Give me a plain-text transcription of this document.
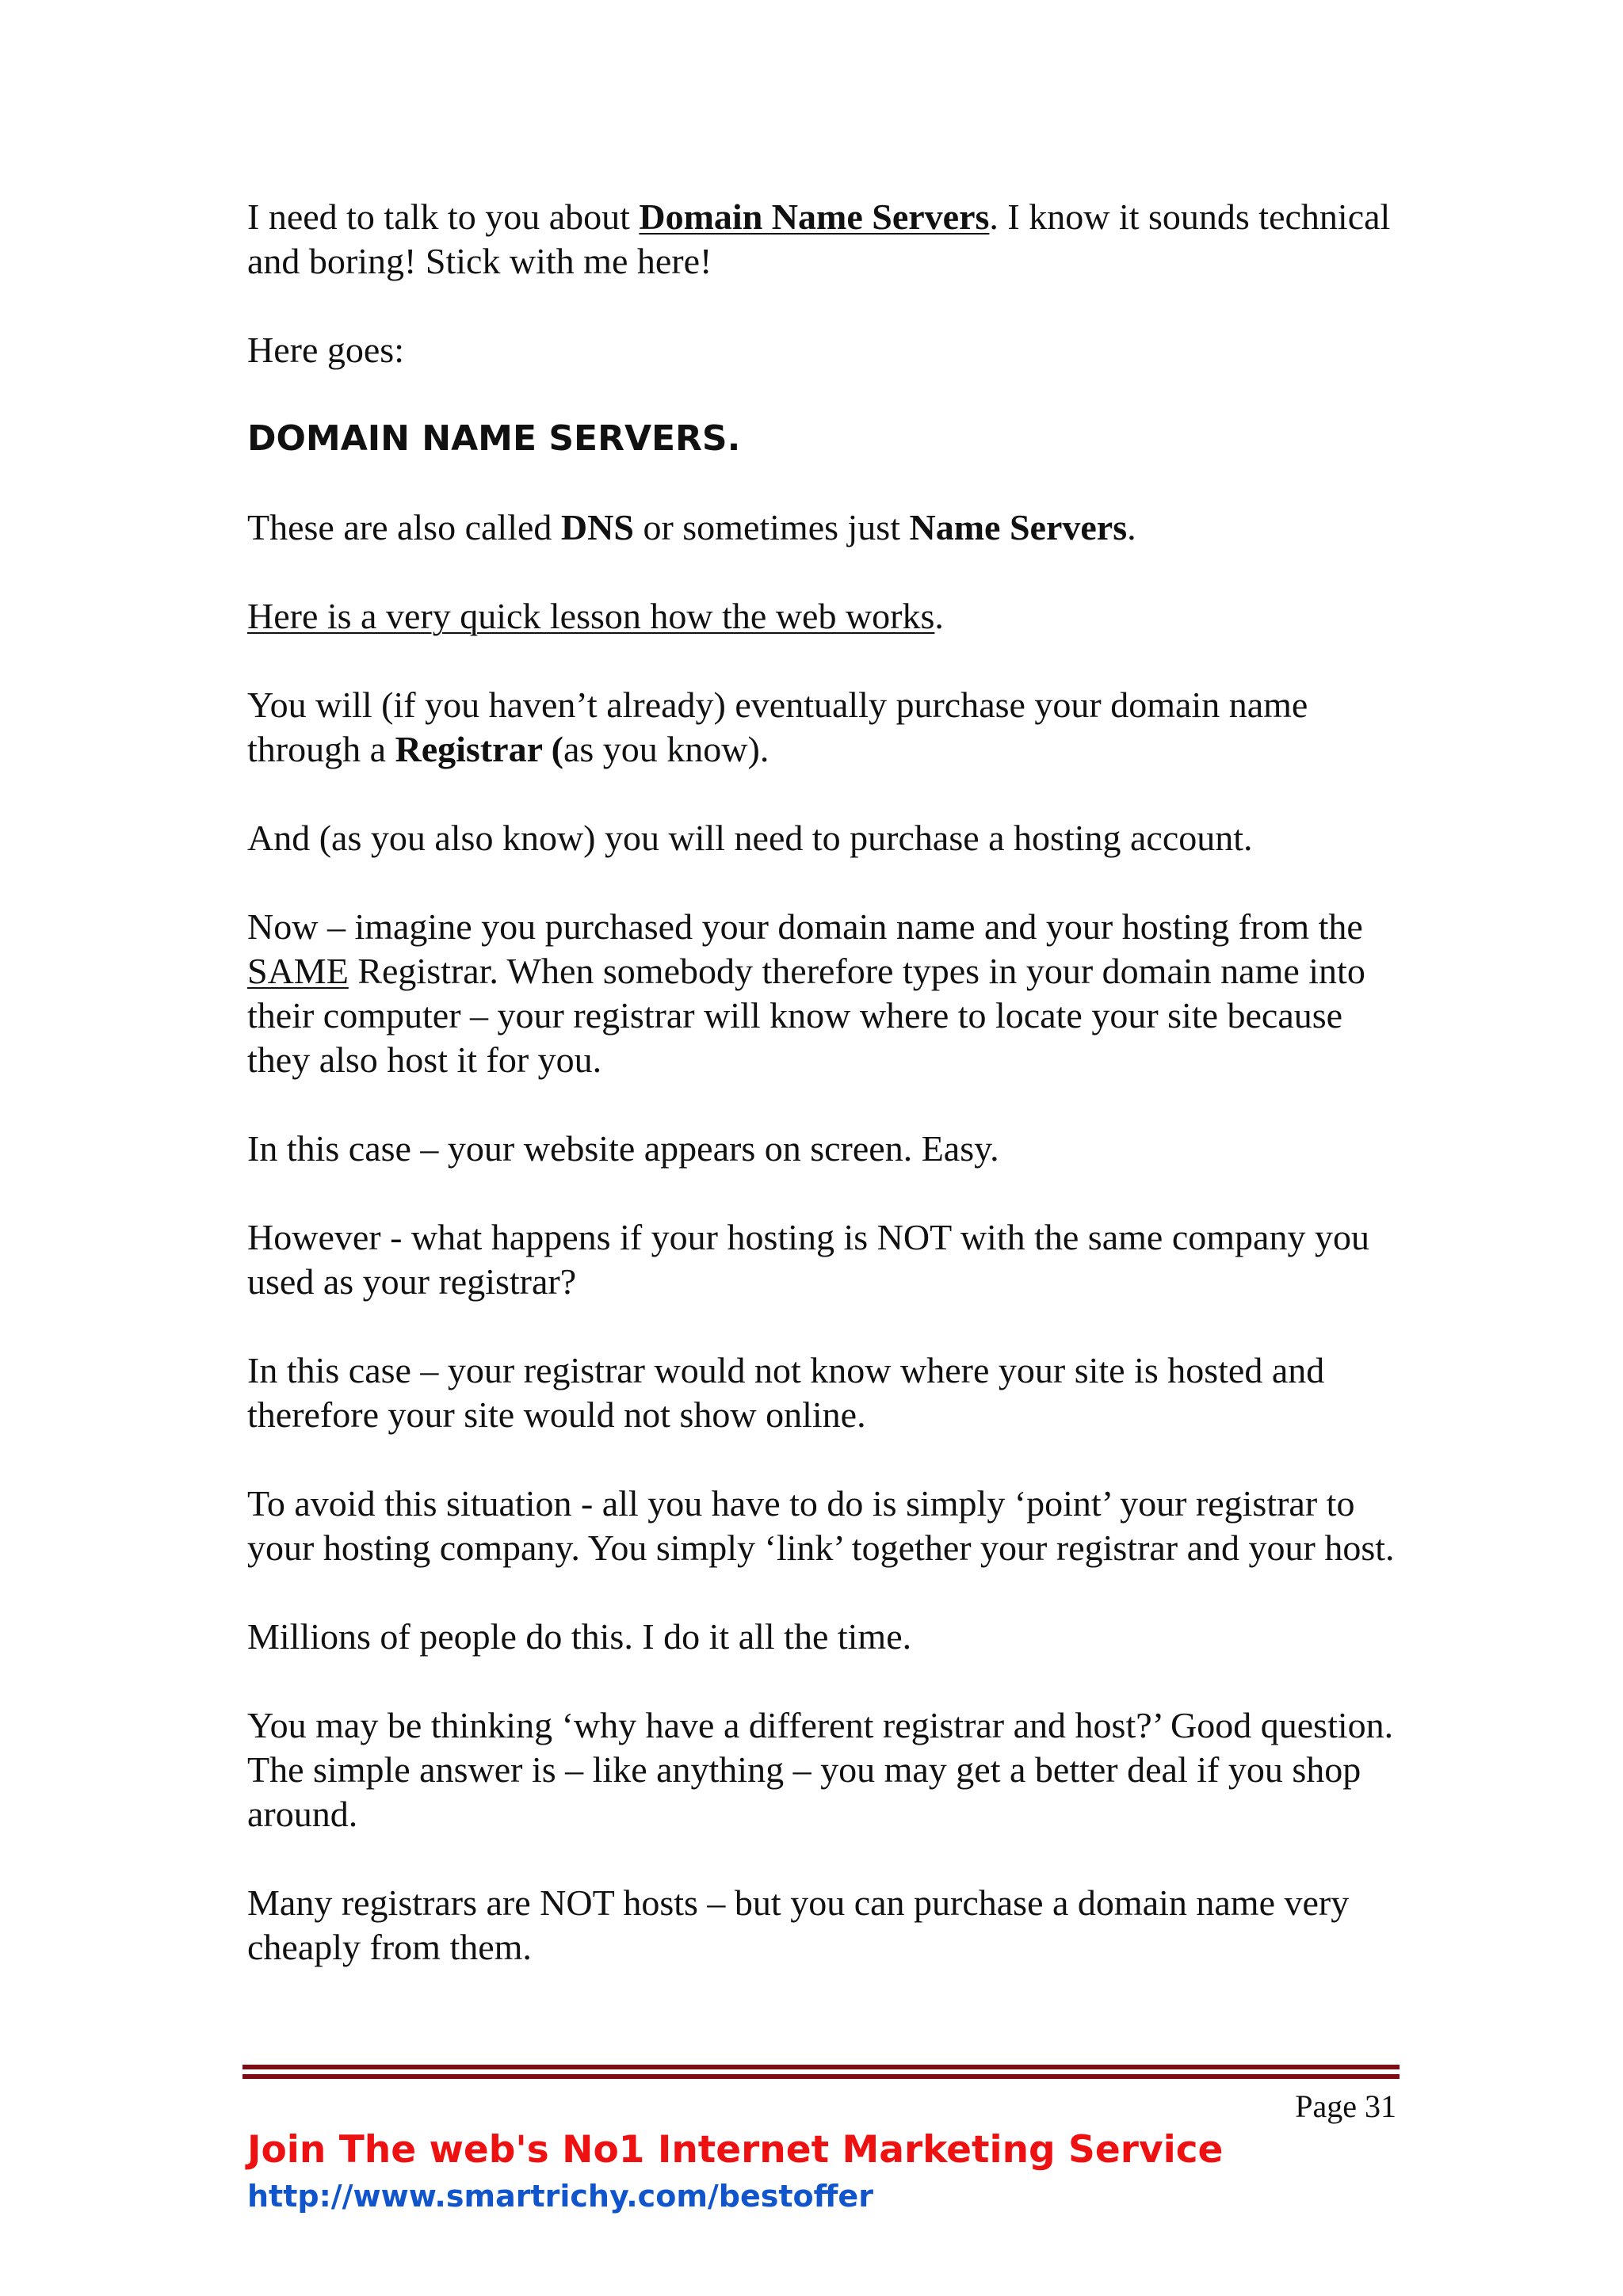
I need to talk to you about Domain Name Servers. I know it sounds technical and boring! Stick with me here!

Here goes:

DOMAIN NAME SERVERS.

These are also called DNS or sometimes just Name Servers.

Here is a very quick lesson how the web works.

You will (if you haven’t already) eventually purchase your domain name through a Registrar (as you know).

And (as you also know) you will need to purchase a hosting account.

Now – imagine you purchased your domain name and your hosting from the SAME Registrar. When somebody therefore types in your domain name into their computer – your registrar will know where to locate your site because they also host it for you.

In this case – your website appears on screen. Easy.

However - what happens if your hosting is NOT with the same company you used as your registrar?

In this case – your registrar would not know where your site is hosted and therefore your site would not show online.

To avoid this situation - all you have to do is simply ‘point’ your registrar to your hosting company. You simply ‘link’ together your registrar and your host.

Millions of people do this. I do it all the time.

You may be thinking ‘why have a different registrar and host?’ Good question. The simple answer is – like anything – you may get a better deal if you shop around.

Many registrars are NOT hosts – but you can purchase a domain name very cheaply from them.

Page 31
Join The web's No1 Internet Marketing Service
http://www.smartrichy.com/bestoffer
